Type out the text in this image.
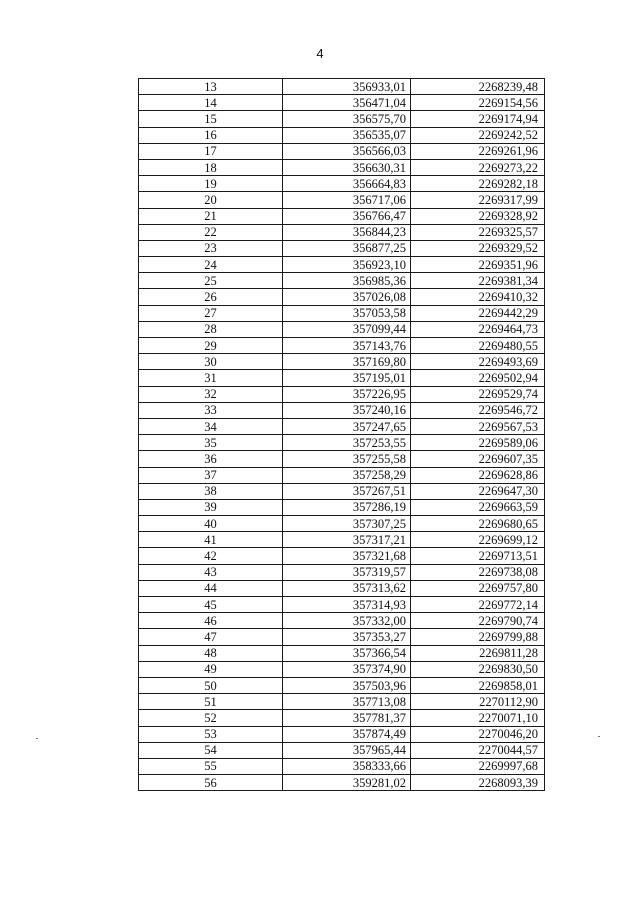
4
13	356933,01	2268239,48
14	356471,04	2269154,56
15	356575,70	2269174,94
16	356535,07	2269242,52
17	356566,03	2269261,96
18	356630,31	2269273,22
19	356664,83	2269282,18
20	356717,06	2269317,99
21	356766,47	2269328,92
22	356844,23	2269325,57
23	356877,25	2269329,52
24	356923,10	2269351,96
25	356985,36	2269381,34
26	357026,08	2269410,32
27	357053,58	2269442,29
28	357099,44	2269464,73
29	357143,76	2269480,55
30	357169,80	2269493,69
31	357195,01	2269502,94
32	357226,95	2269529,74
33	357240,16	2269546,72
34	357247,65	2269567,53
35	357253,55	2269589,06
36	357255,58	2269607,35
37	357258,29	2269628,86
38	357267,51	2269647,30
39	357286,19	2269663,59
40	357307,25	2269680,65
41	357317,21	2269699,12
42	357321,68	2269713,51
43	357319,57	2269738,08
44	357313,62	2269757,80
45	357314,93	2269772,14
46	357332,00	2269790,74
47	357353,27	2269799,88
48	357366,54	2269811,28
49	357374,90	2269830,50
50	357503,96	2269858,01
51	357713,08	2270112,90
52	357781,37	2270071,10
53	357874,49	2270046,20
54	357965,44	2270044,57
55	358333,66	2269997,68
56	359281,02	2268093,39
